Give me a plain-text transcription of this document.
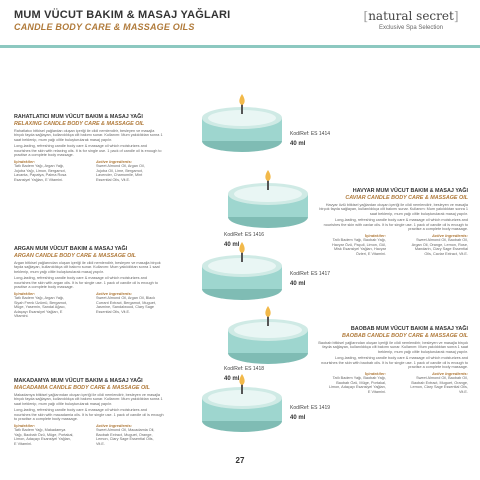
MUM VÜCUT BAKIM & MASAJ YAĞLARI
CANDLE BODY CARE & MASSAGE OILS
[natural secret]
Exclusive Spa Selection
RAHATLATICI MUM VÜCUT BAKIM & MASAJ YAĞI
RELAXING CANDLE BODY CARE & MASSAGE OIL
Rahatlatıcı bitkisel yağlardan oluşan içeriği ile cildi nemlendirir, besleyen ve masajla birçok fayda sağlayan, kullanıldıkça cilt bakımı sunar. Kullanım: Mum yakıldıktan sonra 1 saat beklenip, mum yağı ciltle buluşturularak masaj yapılır.
Long-lasting, refreshing candle body care & massage oil which moisturizes and nourishes the skin with relaxing oils. It is for single use. 1 pack of candle oil is enough to practise a complete body massage.
İçindekiler:
Tatlı Badem Yağı, Argan Yağı, Jojoba Yağı, Limon, Bergamot, Lavanta, Papatya, Palma Rosa Esansiyel Yağları, E Vitamini.
Active Ingredients:
Sweet Almond Oil, Argan Oil, Jojoba Oil, Lime, Bergamot, Lavender, Chamomile, Mint Essential Oils, Vit.E.
Kod/Ref: ES 1414
40 ml
HAVYAR MUM VÜCUT BAKIM & MASAJ YAĞI
CAVIAR CANDLE BODY CARE & MASSAGE OIL
Havyar özlü bitkisel yağlardan oluşan içeriği ile cildi nemlendirir, besleyen ve masajla birçok fayda sağlayan, kullanıldıkça cilt bakımı sunar. Kullanım: Mum yakıldıktan sonra 1 saat beklenip, mum yağı ciltle buluşturularak masaj yapılır.
Long-lasting, refreshing candle body care & massage oil which moisturizes and nourishes the skin with caviar oils. It is for single use. 1 pack of candle oil is enough to practise a complete body massage.
İçindekiler:
Tatlı Badem Yağı, Baobab Yağı, Havyar Özü, Paçuli, Limon, Gül, Misk Esansiyel Yağları, Havyar Özleri, E Vitamini.
Active Ingredients:
Sweet Almond Oil, Baobab Oil, Argan Oil, Orange, Lemon, Rose, Mandarin, Clary Sage Essential Oils, Caviar Extract, Vit.E.
Kod/Ref: ES 1416
40 ml
ARGAN MUM VÜCUT BAKIM & MASAJ YAĞI
ARGAN CANDLE BODY CARE & MASSAGE OIL
Argan bitkisel yağlarından oluşan içeriği ile cildi nemlendirir, besleyen ve masajla birçok fayda sağlayan, kullanıldıkça cilt bakımı sunar. Kullanım: Mum yakıldıktan sonra 1 saat beklenip, mum yağı ciltle buluşturularak masaj yapılır.
Long-lasting, refreshing candle body care & massage oil which moisturizes and nourishes the skin with argan oils. It is for single use. 1 pack of candle oil is enough to practise a complete body massage.
İçindekiler:
Tatlı Badem Yağı, Argan Yağı, Siyah Frenk Üzümü, Bergamot, Müge, Yasemin, Sandal Ağacı, Adaçayı Esansiyel Yağları, E Vitamini.
Active Ingredients:
Sweet Almond Oil, Argan Oil, Black Currant Extract, Bergamot, Muguet, Jasmine, Sandalwood, Clary Sage Essential Oils, Vit.E.
Kod/Ref: ES 1417
40 ml
BAOBAB MUM VÜCUT BAKIM & MASAJ YAĞI
BAOBAB CANDLE BODY CARE & MASSAGE OIL
Baobab bitkisel yağlarından oluşan içeriği ile cildi nemlendirir, besleyen ve masajla birçok fayda sağlayan, kullanıldıkça cilt bakımı sunar. Kullanım: Mum yakıldıktan sonra 1 saat beklenip, mum yağı ciltle buluşturularak masaj yapılır.
Long-lasting, refreshing candle body care & massage oil which moisturizes and nourishes the skin with baobab oils. It is for single use. 1 pack of candle oil is enough to practise a complete body massage.
İçindekiler:
Tatlı Badem Yağı, Baobab Yağı, Baobab Özü, Müge, Portakal, Limon, Adaçayı Esansiyel Yağları, E Vitamini.
Active Ingredients:
Sweet Almond Oil, Baobab Oil, Baobab Extract, Muguet, Orange, Lemon, Clary Sage Essential Oils, Vit.E.
Kod/Ref: ES 1418
40 ml
MAKADAMYA MUM VÜCUT BAKIM & MASAJ YAĞI
MACADAMIA CANDLE BODY CARE & MASSAGE OIL
Makadamya bitkisel yağlarından oluşan içeriği ile cildi nemlendirir, besleyen ve masajla birçok fayda sağlayan, kullanıldıkça cilt bakımı sunar. Kullanım: Mum yakıldıktan sonra 1 saat beklenip, mum yağı ciltle buluşturularak masaj yapılır.
Long-lasting, refreshing candle body care & massage oil which moisturizes and nourishes the skin with macadamia oils. It is for single use. 1 pack of candle oil is enough to practise a complete body massage.
İçindekiler:
Tatlı Badem Yağı, Makadamya Yağı, Baobab Özü, Müge, Portakal, Limon, Adaçayı Esansiyel Yağları, E Vitamini.
Active Ingredients:
Sweet Almond Oil, Macadamia Oil, Baobab Extract, Muguet, Orange, Lemon, Clary Sage Essential Oils, Vit.E.
Kod/Ref: ES 1419
40 ml
27
